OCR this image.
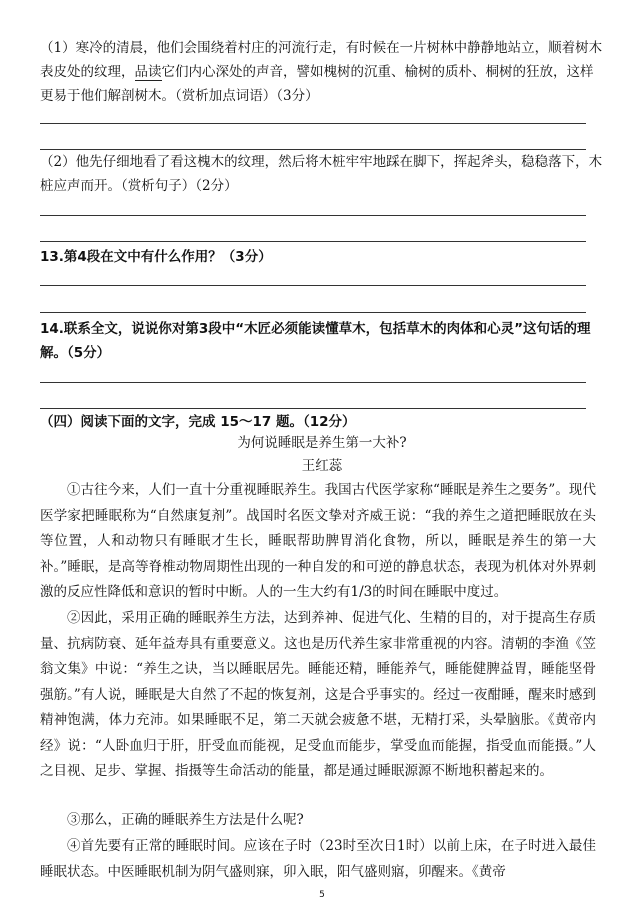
（1）寒冷的清晨，他们会围绕着村庄的河流行走，有时候在一片树林中静静地站立，顺着树木表皮处的纹理，品读它们内心深处的声音，譬如槐树的沉重、榆树的质朴、桐树的狂放，这样更易于他们解剖树木。（赏析加点词语）（3分）

（2）他先仔细地看了看这槐木的纹理，然后将木桩牢牢地踩在脚下，挥起斧头，稳稳落下，木桩应声而开。（赏析句子）（2分）

13.第4段在文中有什么作用？（3分）

14.联系全文，说说你对第3段中“木匠必须能读懂草木，包括草木的肉体和心灵”这句话的理解。（5分）

（四）阅读下面的文字，完成 15～17 题。（12分）

为何说睡眠是养生第一大补?

王红蕊

①古往今来，人们一直十分重视睡眠养生。我国古代医学家称“睡眠是养生之要务”。现代医学家把睡眠称为“自然康复剂”。战国时名医文挚对齐威王说：“我的养生之道把睡眠放在头等位置，人和动物只有睡眠才生长，睡眠帮助脾胃消化食物，所以，睡眠是养生的第一大补。”睡眠，是高等脊椎动物周期性出现的一种自发的和可逆的静息状态，表现为机体对外界刺激的反应性降低和意识的暂时中断。人的一生大约有1/3的时间在睡眠中度过。

②因此，采用正确的睡眠养生方法，达到养神、促进气化、生精的目的，对于提高生存质量、抗病防衰、延年益寿具有重要意义。这也是历代养生家非常重视的内容。清朝的李渔《笠翁文集》中说：“养生之诀，当以睡眠居先。睡能还精，睡能养气，睡能健脾益胃，睡能坚骨强筋。”有人说，睡眠是大自然了不起的恢复剂，这是合乎事实的。经过一夜酣睡，醒来时感到精神饱满，体力充沛。如果睡眠不足，第二天就会疲惫不堪，无精打采，头晕脑胀。《黄帝内经》说：“人卧血归于肝，肝受血而能视，足受血而能步，掌受血而能握，指受血而能摄。”人之目视、足步、掌握、指摄等生命活动的能量，都是通过睡眠源源不断地积蓄起来的。

③那么，正确的睡眠养生方法是什么呢?

④首先要有正常的睡眠时间。应该在子时（23时至次日1时）以前上床，在子时进入最佳睡眠状态。中医睡眠机制为阴气盛则寐，卯入眠，阳气盛则寤，卯醒来。《黄帝

5
